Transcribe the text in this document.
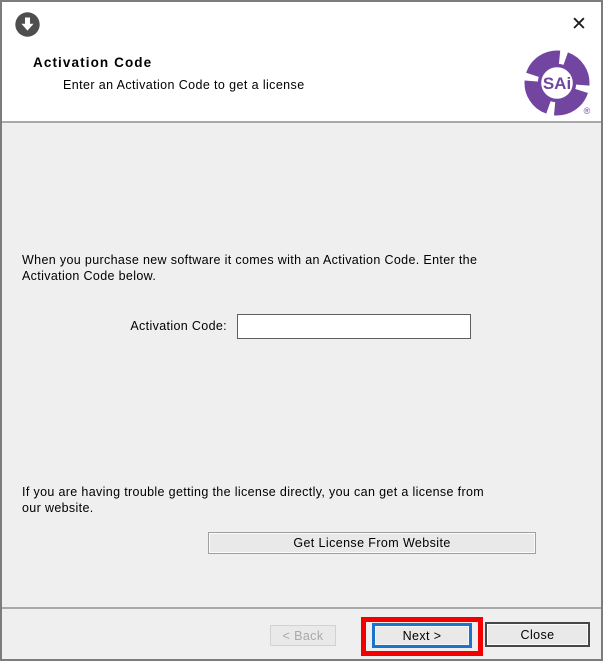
✕
Activation Code
Enter an Activation Code to get a license	SAi
®
When you purchase new software it comes with an Activation Code. Enter the
Activation Code below.
Activation Code:
If you are having trouble getting the license directly, you can get a license from
our website.
Get License From Website
< Back	Next >	Close
